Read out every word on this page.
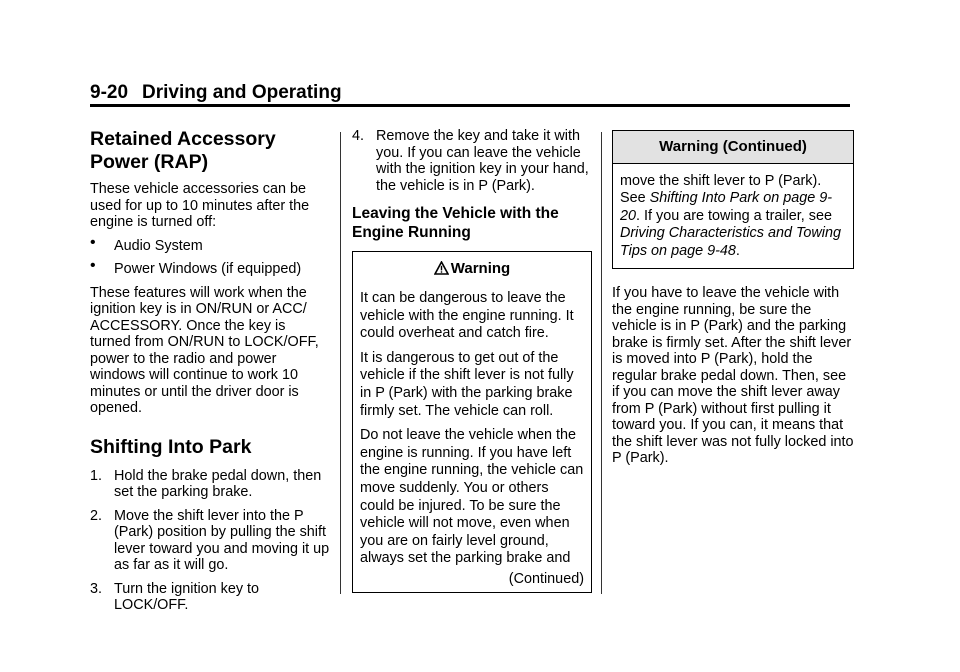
9-20 Driving and Operating
Retained Accessory Power (RAP)

These vehicle accessories can be used for up to 10 minutes after the engine is turned off:

• Audio System
• Power Windows (if equipped)

These features will work when the ignition key is in ON/RUN or ACC/ ACCESSORY. Once the key is turned from ON/RUN to LOCK/OFF, power to the radio and power windows will continue to work 10 minutes or until the driver door is opened.

Shifting Into Park
1. Hold the brake pedal down, then set the parking brake.
2. Move the shift lever into the P (Park) position by pulling the shift lever toward you and moving it up as far as it will go.
3. Turn the ignition key to LOCK/OFF.
4. Remove the key and take it with you. If you can leave the vehicle with the ignition key in your hand, the vehicle is in P (Park).
Leaving the Vehicle with the Engine Running
Warning

It can be dangerous to leave the vehicle with the engine running. It could overheat and catch fire.

It is dangerous to get out of the vehicle if the shift lever is not fully in P (Park) with the parking brake firmly set. The vehicle can roll.

Do not leave the vehicle when the engine is running. If you have left the engine running, the vehicle can move suddenly. You or others could be injured. To be sure the vehicle will not move, even when you are on fairly level ground, always set the parking brake and

(Continued)
Warning (Continued)

move the shift lever to P (Park). See Shifting Into Park on page 9-20. If you are towing a trailer, see Driving Characteristics and Towing Tips on page 9-48.

If you have to leave the vehicle with the engine running, be sure the vehicle is in P (Park) and the parking brake is firmly set. After the shift lever is moved into P (Park), hold the regular brake pedal down. Then, see if you can move the shift lever away from P (Park) without first pulling it toward you. If you can, it means that the shift lever was not fully locked into P (Park).
